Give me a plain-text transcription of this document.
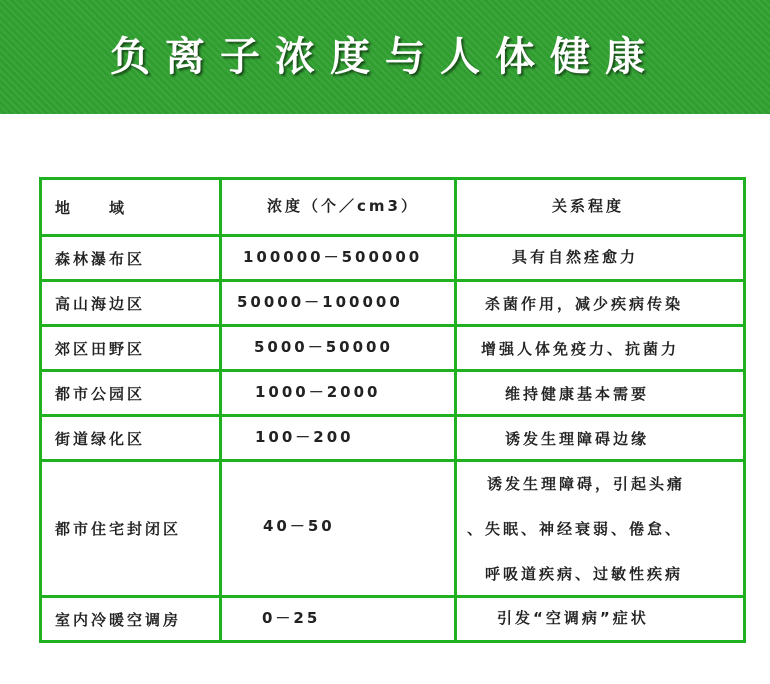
负离子浓度与人体健康
地　　域	浓度（个／cm3）	关系程度
森林瀑布区	100000－500000	具有自然痊愈力
高山海边区	50000－100000	杀菌作用，减少疾病传染
郊区田野区	5000－50000	增强人体免疫力、抗菌力
都市公园区	1000－2000	维持健康基本需要
街道绿化区	100－200	诱发生理障碍边缘
都市住宅封闭区	40－50	诱发生理障碍，引起头痛
、失眠、神经衰弱、倦怠、
呼吸道疾病、过敏性疾病

室内冷暖空调房	0－25	引发“空调病”症状
